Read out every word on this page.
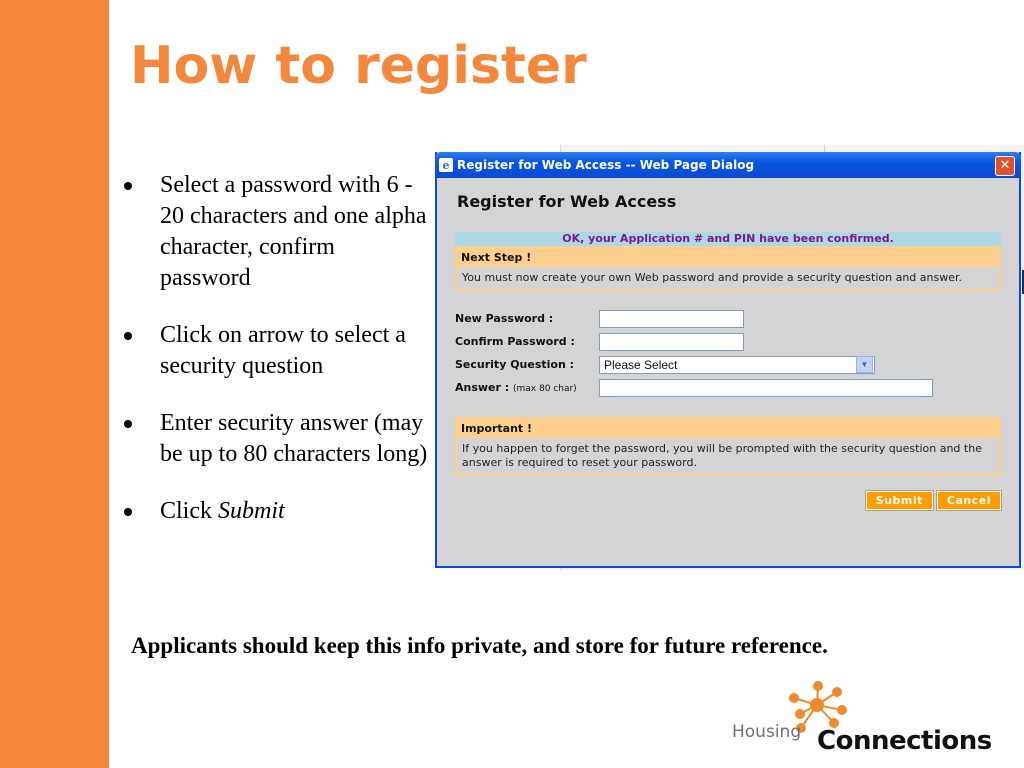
How to register
Select a password with 6 - 20 characters and one alpha character, confirm password
Click on arrow to select a security question
Enter security answer (may be up to 80 characters long)
Click Submit
Applicants should keep this info private, and store for future reference.
e Register for Web Access -- Web Page Dialog	✕
Register for Web Access
OK, your Application # and PIN have been confirmed.
Next Step !
You must now create your own Web password and provide a security question and answer.
New Password :
Confirm Password :
Security Question :	Please Select	▼
Answer : (max 80 char)
Important !
If you happen to forget the password, you will be prompted with the security question and the answer is required to reset your password.
Submit	Cancel
Housing Connections
